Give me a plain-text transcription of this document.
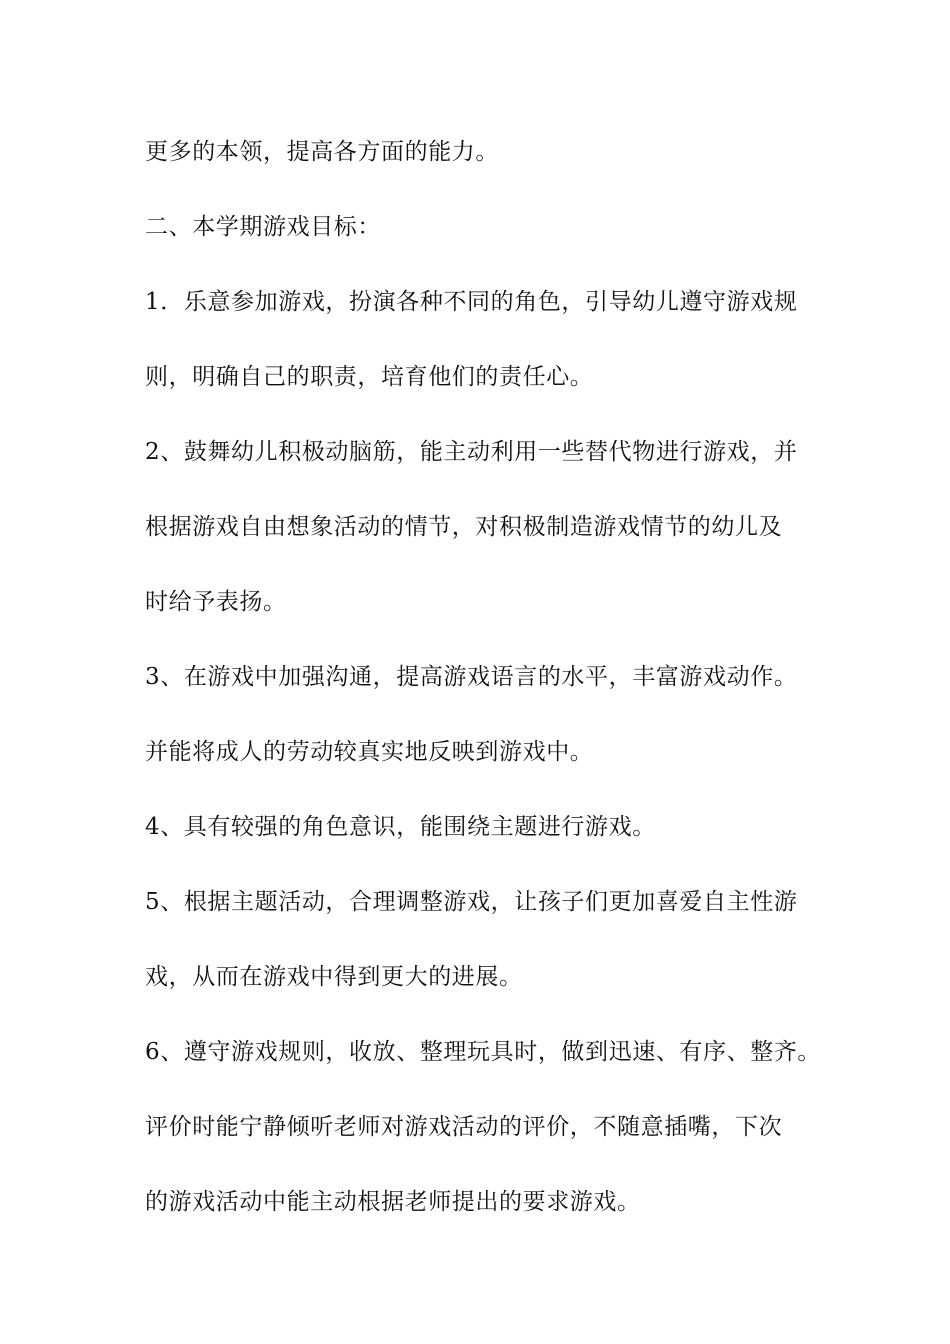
更多的本领，提高各方面的能力。

二、本学期游戏目标：

1．乐意参加游戏，扮演各种不同的角色，引导幼儿遵守游戏规

则，明确自己的职责，培育他们的责任心。

2、鼓舞幼儿积极动脑筋，能主动利用一些替代物进行游戏，并

根据游戏自由想象活动的情节，对积极制造游戏情节的幼儿及

时给予表扬。

3、在游戏中加强沟通，提高游戏语言的水平，丰富游戏动作。

并能将成人的劳动较真实地反映到游戏中。

4、具有较强的角色意识，能围绕主题进行游戏。

5、根据主题活动，合理调整游戏，让孩子们更加喜爱自主性游

戏，从而在游戏中得到更大的进展。

6、遵守游戏规则，收放、整理玩具时，做到迅速、有序、整齐。

评价时能宁静倾听老师对游戏活动的评价，不随意插嘴，下次

的游戏活动中能主动根据老师提出的要求游戏。
